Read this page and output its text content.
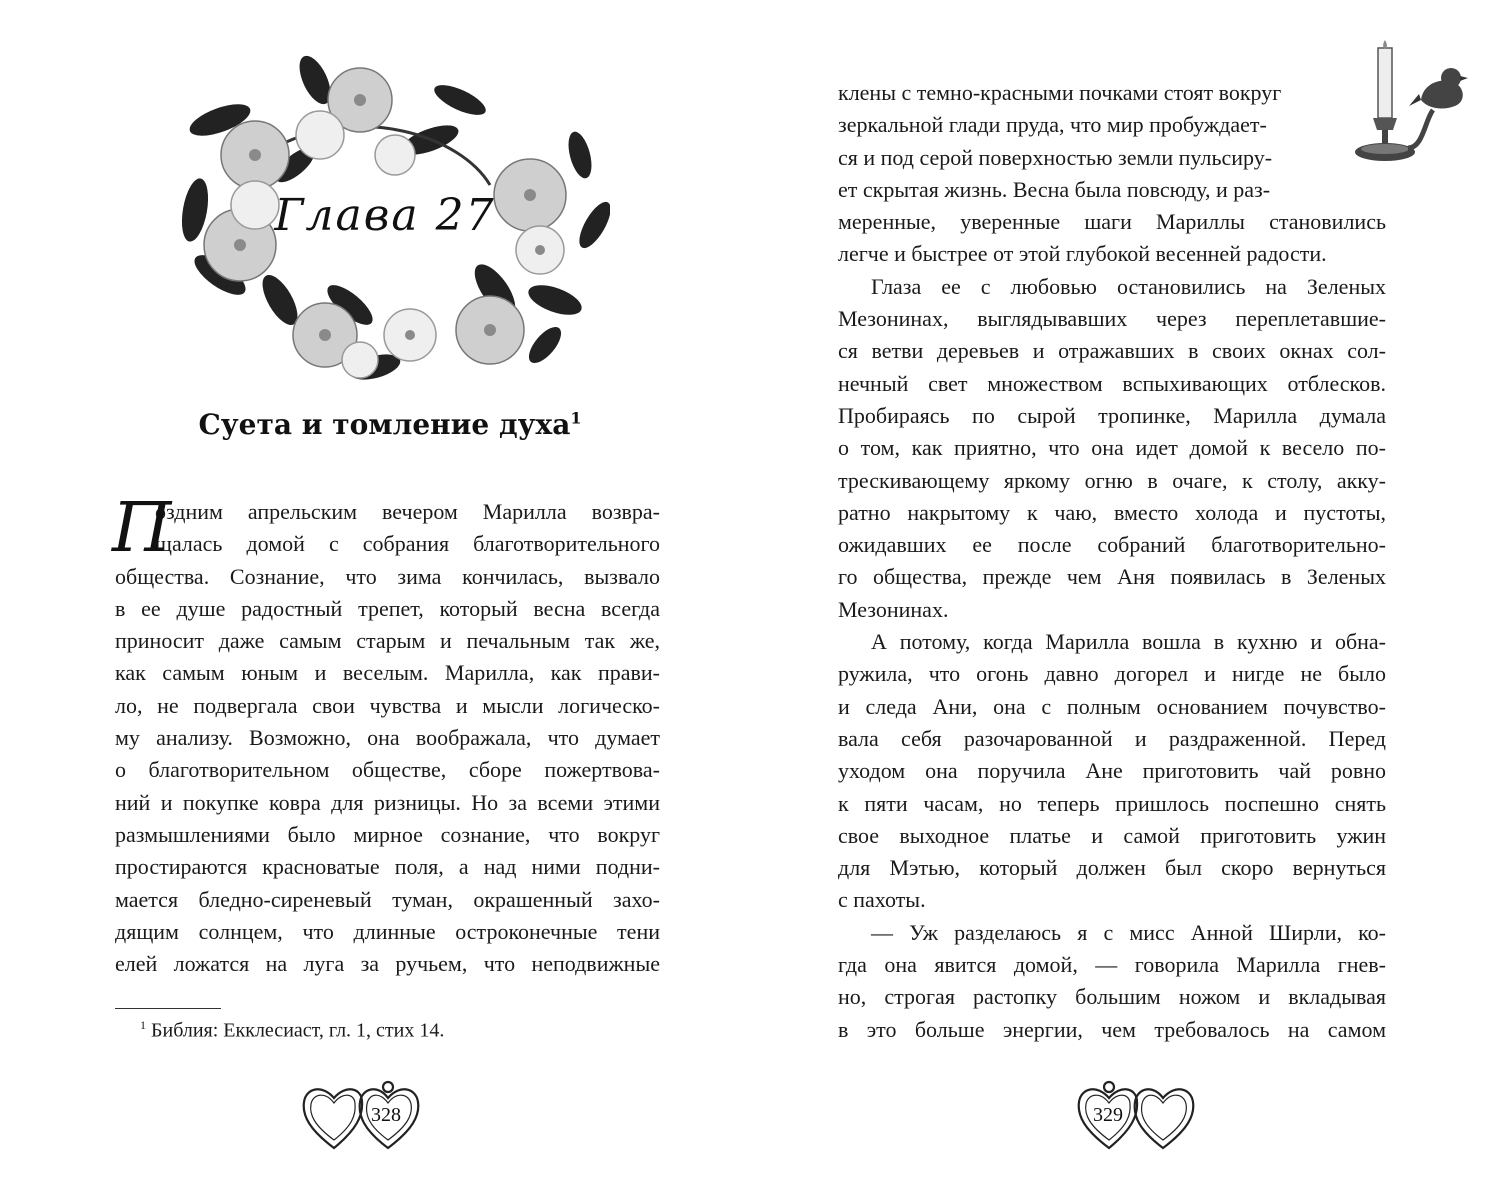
Глава 27
Суета и томление духа$^1$
П
оздним апрельским вечером Марилла возвра-
щалась домой с собрания благотворительного
общества. Сознание, что зима кончилась, вызвало
в ее душе радостный трепет, который весна всегда
приносит даже самым старым и печальным так же,
как самым юным и веселым. Марилла, как прави-
ло, не подвергала свои чувства и мысли логическо-
му анализу. Возможно, она воображала, что думает
о благотворительном обществе, сборе пожертвова-
ний и покупке ковра для ризницы. Но за всеми этими
размышлениями было мирное сознание, что вокруг
простираются красноватые поля, а над ними подни-
мается бледно-сиреневый туман, окрашенный захо-
дящим солнцем, что длинные остроконечные тени
елей ложатся на луга за ручьем, что неподвижные
$^1$ Библия: Екклесиаст, гл. 1, стих 14.
328
клены с темно-красными почками стоят вокруг
зеркальной глади пруда, что мир пробуждает-
ся и под серой поверхностью земли пульсиру-
ет скрытая жизнь. Весна была повсюду, и раз-
меренные, уверенные шаги Мариллы становились
легче и быстрее от этой глубокой весенней радости.
Глаза ее с любовью остановились на Зеленых
Мезонинах, выглядывавших через переплетавшие-
ся ветви деревьев и отражавших в своих окнах сол-
нечный свет множеством вспыхивающих отблесков.
Пробираясь по сырой тропинке, Марилла думала
о том, как приятно, что она идет домой к весело по-
трескивающему яркому огню в очаге, к столу, акку-
ратно накрытому к чаю, вместо холода и пустоты,
ожидавших ее после собраний благотворительно-
го общества, прежде чем Аня появилась в Зеленых
Мезонинах.
А потому, когда Марилла вошла в кухню и обна-
ружила, что огонь давно догорел и нигде не было
и следа Ани, она с полным основанием почувство-
вала себя разочарованной и раздраженной. Перед
уходом она поручила Ане приготовить чай ровно
к пяти часам, но теперь пришлось поспешно снять
свое выходное платье и самой приготовить ужин
для Мэтью, который должен был скоро вернуться
с пахоты.
— Уж разделаюсь я с мисс Анной Ширли, ко-
гда она явится домой, — говорила Марилла гнев-
но, строгая растопку большим ножом и вкладывая
в это больше энергии, чем требовалось на самом
329
